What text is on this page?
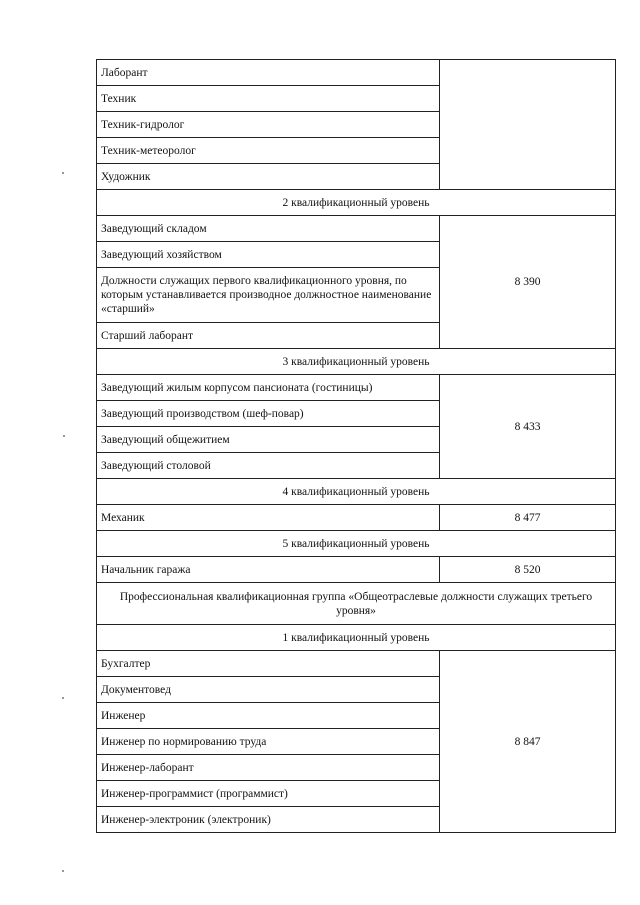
Лаборант	
Техник	
Техник-гидролог	
Техник-метеоролог	
Художник	
2 квалификационный уровень	
Заведующий складом	8 390
Заведующий хозяйством	
Должности служащих первого квалификационного уровня, по которым устанавливается производное должностное наименование «старший»	
Старший лаборант	
3 квалификационный уровень	
Заведующий жилым корпусом пансионата (гостиницы)	8 433
Заведующий производством (шеф-повар)	
Заведующий общежитием	
Заведующий столовой	
4 квалификационный уровень	
Механик	8 477
5 квалификационный уровень	
Начальник гаража	8 520
Профессиональная квалификационная группа «Общеотраслевые должности служащих третьего уровня»	
1 квалификационный уровень	
Бухгалтер	8 847
Документовед	
Инженер	
Инженер по нормированию труда	
Инженер-лаборант	
Инженер-программист (программист)	
Инженер-электроник (электроник)	
